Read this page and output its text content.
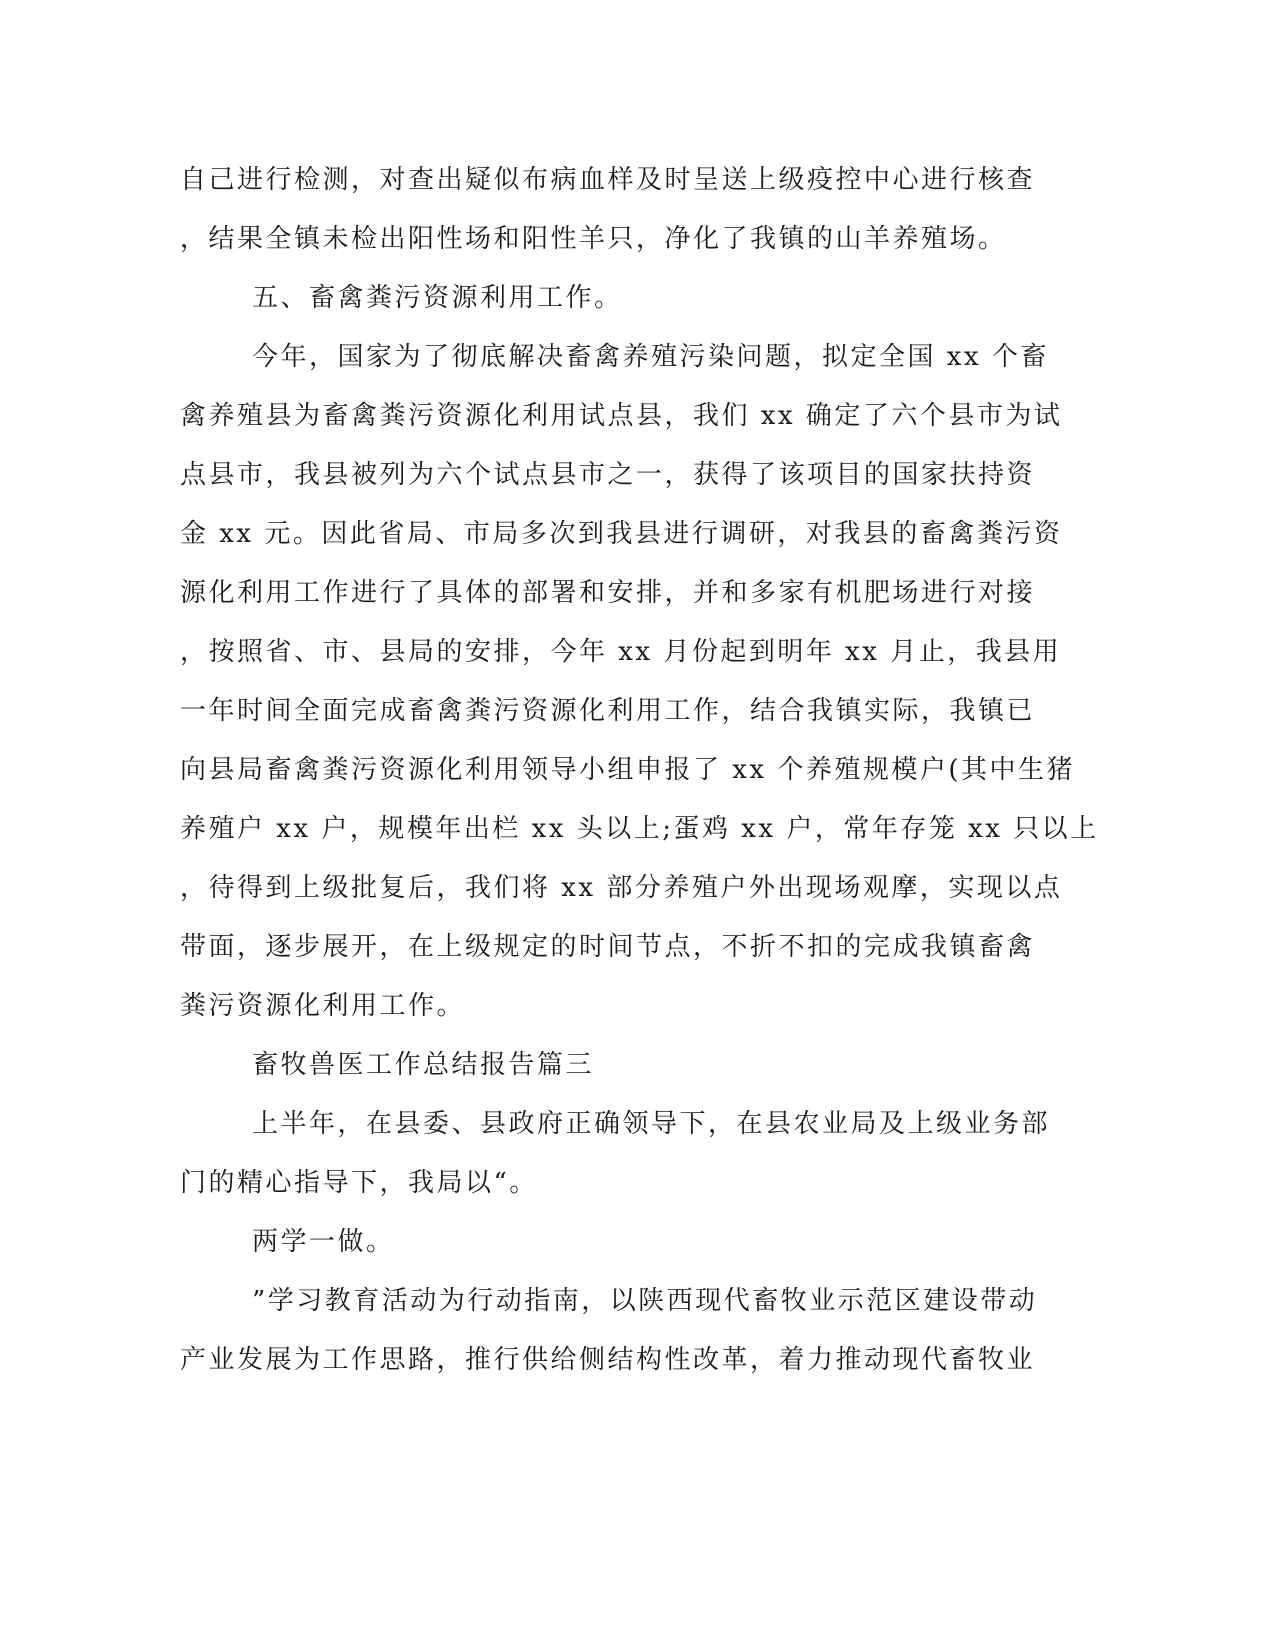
自己进行检测，对查出疑似布病血样及时呈送上级疫控中心进行核查
，结果全镇未检出阳性场和阳性羊只，净化了我镇的山羊养殖场。
五、畜禽粪污资源利用工作。
今年，国家为了彻底解决畜禽养殖污染问题，拟定全国 xx 个畜
禽养殖县为畜禽粪污资源化利用试点县，我们 xx 确定了六个县市为试
点县市，我县被列为六个试点县市之一，获得了该项目的国家扶持资
金 xx 元。因此省局、市局多次到我县进行调研，对我县的畜禽粪污资
源化利用工作进行了具体的部署和安排，并和多家有机肥场进行对接
，按照省、市、县局的安排，今年 xx 月份起到明年 xx 月止，我县用
一年时间全面完成畜禽粪污资源化利用工作，结合我镇实际，我镇已
向县局畜禽粪污资源化利用领导小组申报了 xx 个养殖规模户(其中生猪
养殖户 xx 户，规模年出栏 xx 头以上;蛋鸡 xx 户，常年存笼 xx 只以上
，待得到上级批复后，我们将 xx 部分养殖户外出现场观摩，实现以点
带面，逐步展开，在上级规定的时间节点，不折不扣的完成我镇畜禽
粪污资源化利用工作。
畜牧兽医工作总结报告篇三
上半年，在县委、县政府正确领导下，在县农业局及上级业务部
门的精心指导下，我局以“。
两学一做。
”学习教育活动为行动指南，以陕西现代畜牧业示范区建设带动
产业发展为工作思路，推行供给侧结构性改革，着力推动现代畜牧业
